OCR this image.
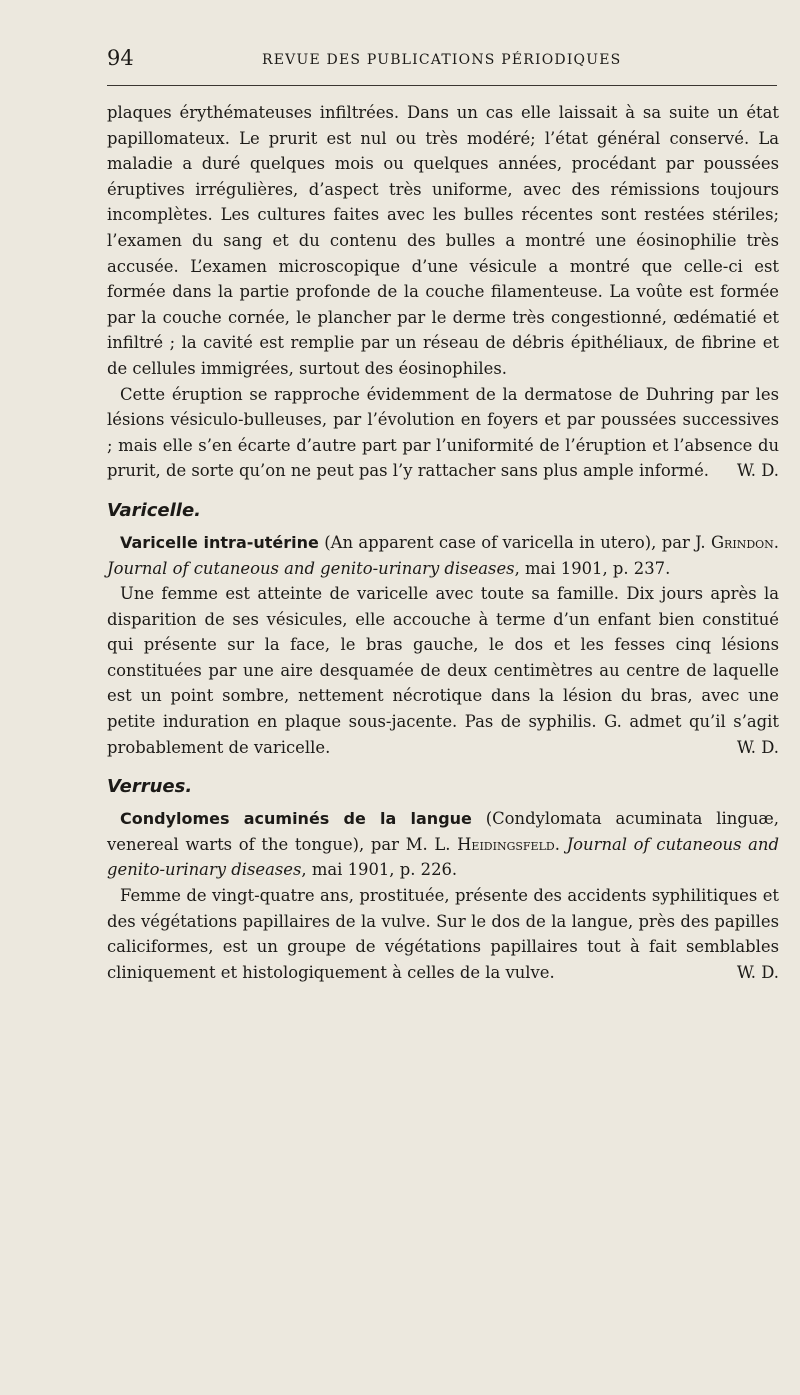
94	REVUE DES PUBLICATIONS PÉRIODIQUES

plaques érythémateuses infiltrées. Dans un cas elle laissait à sa suite un état papillomateux. Le prurit est nul ou très modéré; l’état général conservé. La maladie a duré quelques mois ou quelques années, procédant par poussées éruptives irrégulières, d’aspect très uniforme, avec des rémissions toujours incomplètes. Les cultures faites avec les bulles récentes sont restées stériles; l’examen du sang et du contenu des bulles a montré une éosinophilie très accusée. L’examen microscopique d’une vésicule a montré que celle-ci est formée dans la partie profonde de la couche filamenteuse. La voûte est formée par la couche cornée, le plancher par le derme très congestionné, œdématié et infiltré ; la cavité est remplie par un réseau de débris épithéliaux, de fibrine et de cellules immigrées, surtout des éosinophiles.

Cette éruption se rapproche évidemment de la dermatose de Duhring par les lésions vésiculo-bulleuses, par l’évolution en foyers et par poussées successives ; mais elle s’en écarte d’autre part par l’uniformité de l’éruption et l’absence du prurit, de sorte qu’on ne peut pas l’y rattacher sans plus ample informé.	W. D.

Varicelle.

Varicelle intra-utérine (An apparent case of varicella in utero), par J. Grindon. Journal of cutaneous and genito-urinary diseases, mai 1901, p. 237.

Une femme est atteinte de varicelle avec toute sa famille. Dix jours après la disparition de ses vésicules, elle accouche à terme d’un enfant bien constitué qui présente sur la face, le bras gauche, le dos et les fesses cinq lésions constituées par une aire desquamée de deux centimètres au centre de laquelle est un point sombre, nettement nécrotique dans la lésion du bras, avec une petite induration en plaque sous-jacente. Pas de syphilis. G. admet qu’il s’agit probablement de varicelle.	W. D.

Verrues.

Condylomes acuminés de la langue (Condylomata acuminata linguæ, venereal warts of the tongue), par M. L. Heidingsfeld. Journal of cutaneous and genito-urinary diseases, mai 1901, p. 226.

Femme de vingt-quatre ans, prostituée, présente des accidents syphilitiques et des végétations papillaires de la vulve. Sur le dos de la langue, près des papilles caliciformes, est un groupe de végétations papillaires tout à fait semblables cliniquement et histologiquement à celles de la vulve.	W. D.
